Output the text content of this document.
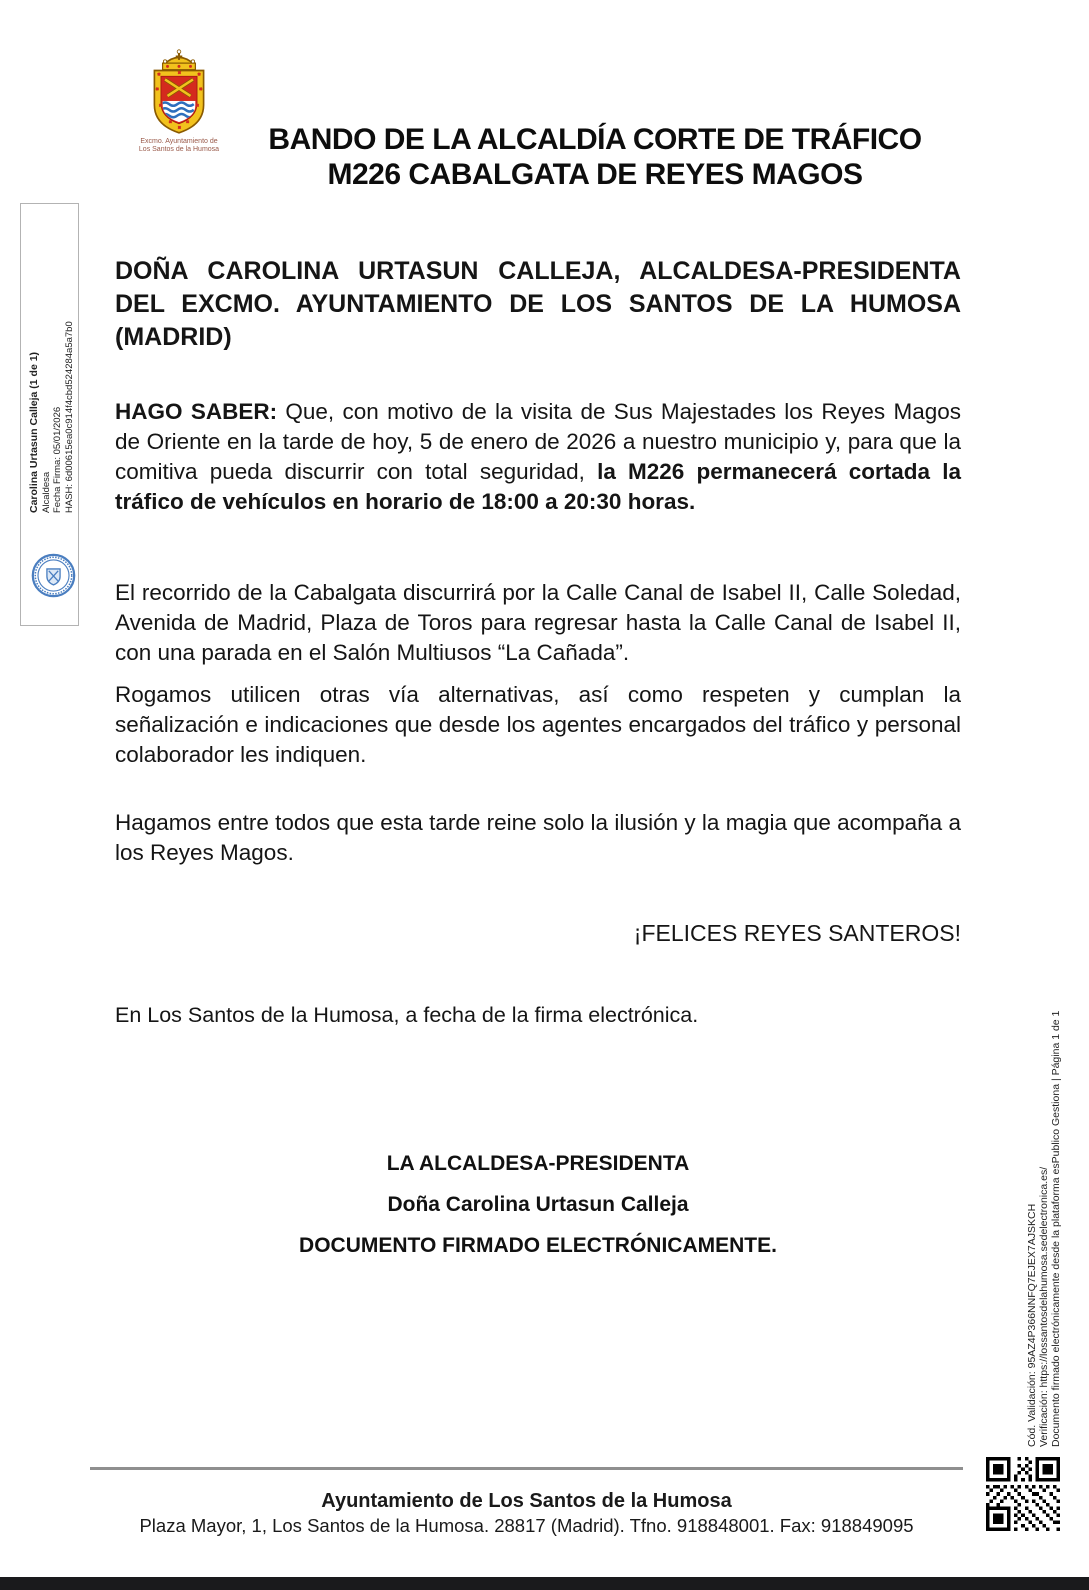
Excmo. Ayuntamiento de
Los Santos de la Humosa	BANDO DE LA ALCALDÍA CORTE DE TRÁFICO
M226 CABALGATA DE REYES MAGOS
Carolina Urtasun Calleja (1 de 1) Alcaldesa Fecha Firma: 05/01/2026 HASH: 6d00615ea0c914f4cbd524284a5a7b0

DOÑA CAROLINA URTASUN CALLEJA, ALCALDESA-PRESIDENTA DEL EXCMO. AYUNTAMIENTO DE LOS SANTOS DE LA HUMOSA (MADRID)

HAGO SABER: Que, con motivo de la visita de Sus Majestades los Reyes Magos de Oriente en la tarde de hoy, 5 de enero de 2026 a nuestro municipio y, para que la comitiva pueda discurrir con total seguridad, la M226 permanecerá cortada la tráfico de vehículos en horario de 18:00 a 20:30 horas.

El recorrido de la Cabalgata discurrirá por la Calle Canal de Isabel II, Calle Soledad, Avenida de Madrid, Plaza de Toros para regresar hasta la Calle Canal de Isabel II, con una parada en el Salón Multiusos “La Cañada”.

Rogamos utilicen otras vía alternativas, así como respeten y cumplan la señalización e indicaciones que desde los agentes encargados del tráfico y personal colaborador les indiquen.

Hagamos entre todos que esta tarde reine solo la ilusión y la magia que acompaña a los Reyes Magos.

¡FELICES REYES SANTEROS!

En Los Santos de la Humosa, a fecha de la firma electrónica.

LA ALCALDESA-PRESIDENTA
Doña Carolina Urtasun Calleja
DOCUMENTO FIRMADO ELECTRÓNICAMENTE.
Ayuntamiento de Los Santos de la Humosa
Plaza Mayor, 1, Los Santos de la Humosa. 28817 (Madrid). Tfno. 918848001. Fax: 918849095
Cód. Validación: 95AZ4P366NNFQ7EJEX7AJSKCH Verificación: https://lossantosdelahumosa.sedelectronica.es/ Documento firmado electrónicamente desde la plataforma esPublico Gestiona | Página 1 de 1
